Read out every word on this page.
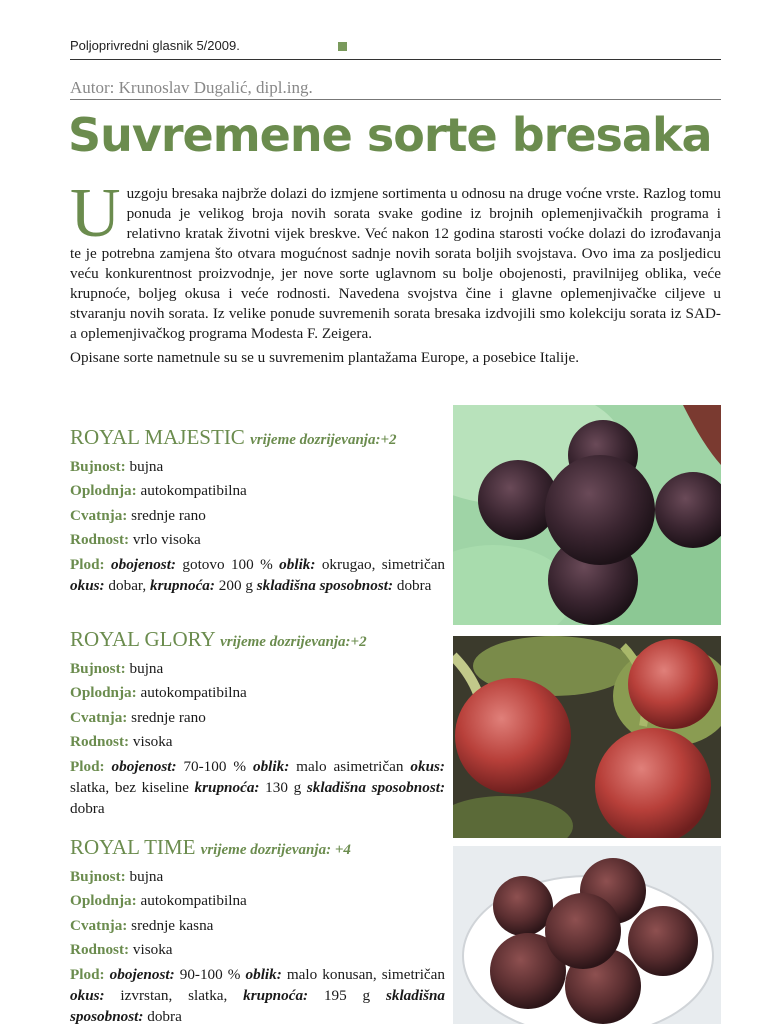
Poljoprivredni glasnik 5/2009.
Autor: Krunoslav Dugalić, dipl.ing.
Suvremene sorte bresaka

Uuzgoju bresaka najbrže dolazi do izmjene sortimenta u odnosu na druge voćne vrste. Razlog tomu ponuda je velikog broja novih sorata svake godine iz brojnih oplemenjivačkih programa i relativno kratak životni vijek breskve. Već nakon 12 godina starosti voćke dolazi do izrođavanja te je potrebna zamjena što otvara mogućnost sadnje novih sorata boljih svojstava. Ovo ima za posljedicu veću konkurentnost proizvodnje, jer nove sorte uglavnom su bolje obojenosti, pravilnijeg oblika, veće krupnoće, boljeg okusa i veće rodnosti. Navedena svojstva čine i glavne oplemenjivačke ciljeve u stvaranju novih sorata. Iz velike ponude suvremenih sorata bresaka izdvojili smo kolekciju sorata iz SAD-a oplemenjivačkog programa Modesta F. Zeigera.

Opisane sorte nametnule su se u suvremenim plantažama Europe, a posebice Italije.

ROYAL MAJESTIC vrijeme dozrijevanja:+2
Bujnost: bujna
Oplodnja: autokompatibilna
Cvatnja: srednje rano
Rodnost: vrlo visoka
Plod: obojenost: gotovo 100 % oblik: okrugao, simetričan okus: dobar, krupnoća: 200 g skladišna sposobnost: dobra
ROYAL GLORY vrijeme dozrijevanja:+2
Bujnost: bujna
Oplodnja: autokompatibilna
Cvatnja: srednje rano
Rodnost: visoka
Plod: obojenost: 70-100 % oblik: malo asimetričan okus: slatka, bez kiseline krupnoća: 130 g skladišna sposobnost: dobra
ROYAL TIME vrijeme dozrijevanja: +4
Bujnost: bujna
Oplodnja: autokompatibilna
Cvatnja: srednje kasna
Rodnost: visoka
Plod: obojenost: 90-100 % oblik: malo konusan, simetričan okus: izvrstan, slatka, krupnoća: 195 g skladišna sposobnost: dobra
